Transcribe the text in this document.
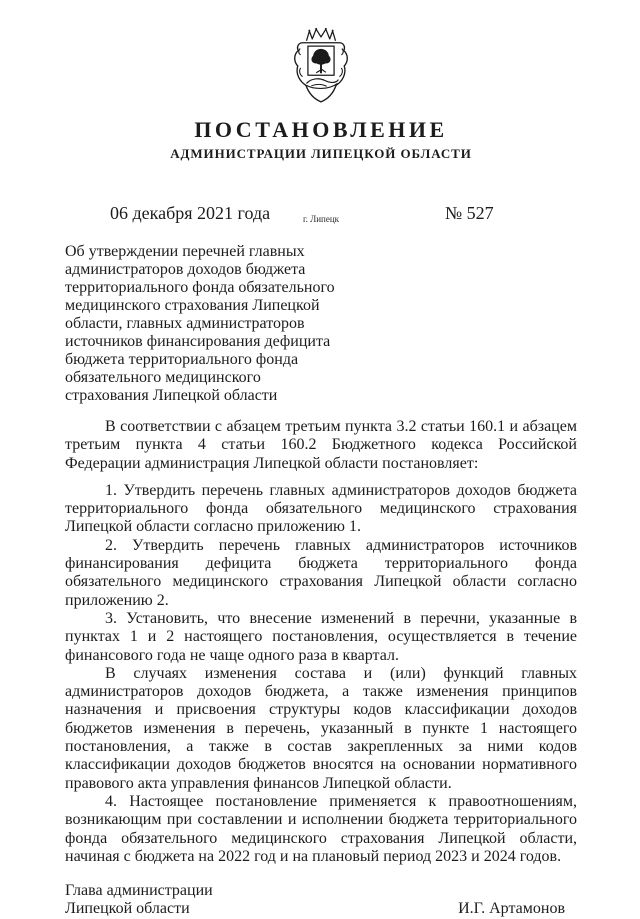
ПОСТАНОВЛЕНИЕ
АДМИНИСТРАЦИИ ЛИПЕЦКОЙ ОБЛАСТИ
06 декабря 2021 года	г. Липецк	№ 527
Об утверждении перечней главных
администраторов доходов бюджета
территориального фонда обязательного
медицинского страхования Липецкой
области, главных администраторов
источников финансирования дефицита
бюджета территориального фонда
обязательного медицинского
страхования Липецкой области

В соответствии с абзацем третьим пункта 3.2 статьи 160.1 и абзацем третьим пункта 4 статьи 160.2 Бюджетного кодекса Российской Федерации администрация Липецкой области постановляет:

1. Утвердить перечень главных администраторов доходов бюджета территориального фонда обязательного медицинского страхования Липецкой области согласно приложению 1.

2. Утвердить перечень главных администраторов источников финансирования дефицита бюджета территориального фонда обязательного медицинского страхования Липецкой области согласно приложению 2.

3. Установить, что внесение изменений в перечни, указанные в пунктах 1 и 2 настоящего постановления, осуществляется в течение финансового года не чаще одного раза в квартал.

В случаях изменения состава и (или) функций главных администраторов доходов бюджета, а также изменения принципов назначения и присвоения структуры кодов классификации доходов бюджетов изменения в перечень, указанный в пункте 1 настоящего постановления, а также в состав закрепленных за ними кодов классификации доходов бюджетов вносятся на основании нормативного правового акта управления финансов Липецкой области.

4. Настоящее постановление применяется к правоотношениям, возникающим при составлении и исполнении бюджета территориального фонда обязательного медицинского страхования Липецкой области, начиная с бюджета на 2022 год и на плановый период 2023 и 2024 годов.

Глава администрации
Липецкой области	И.Г. Артамонов
